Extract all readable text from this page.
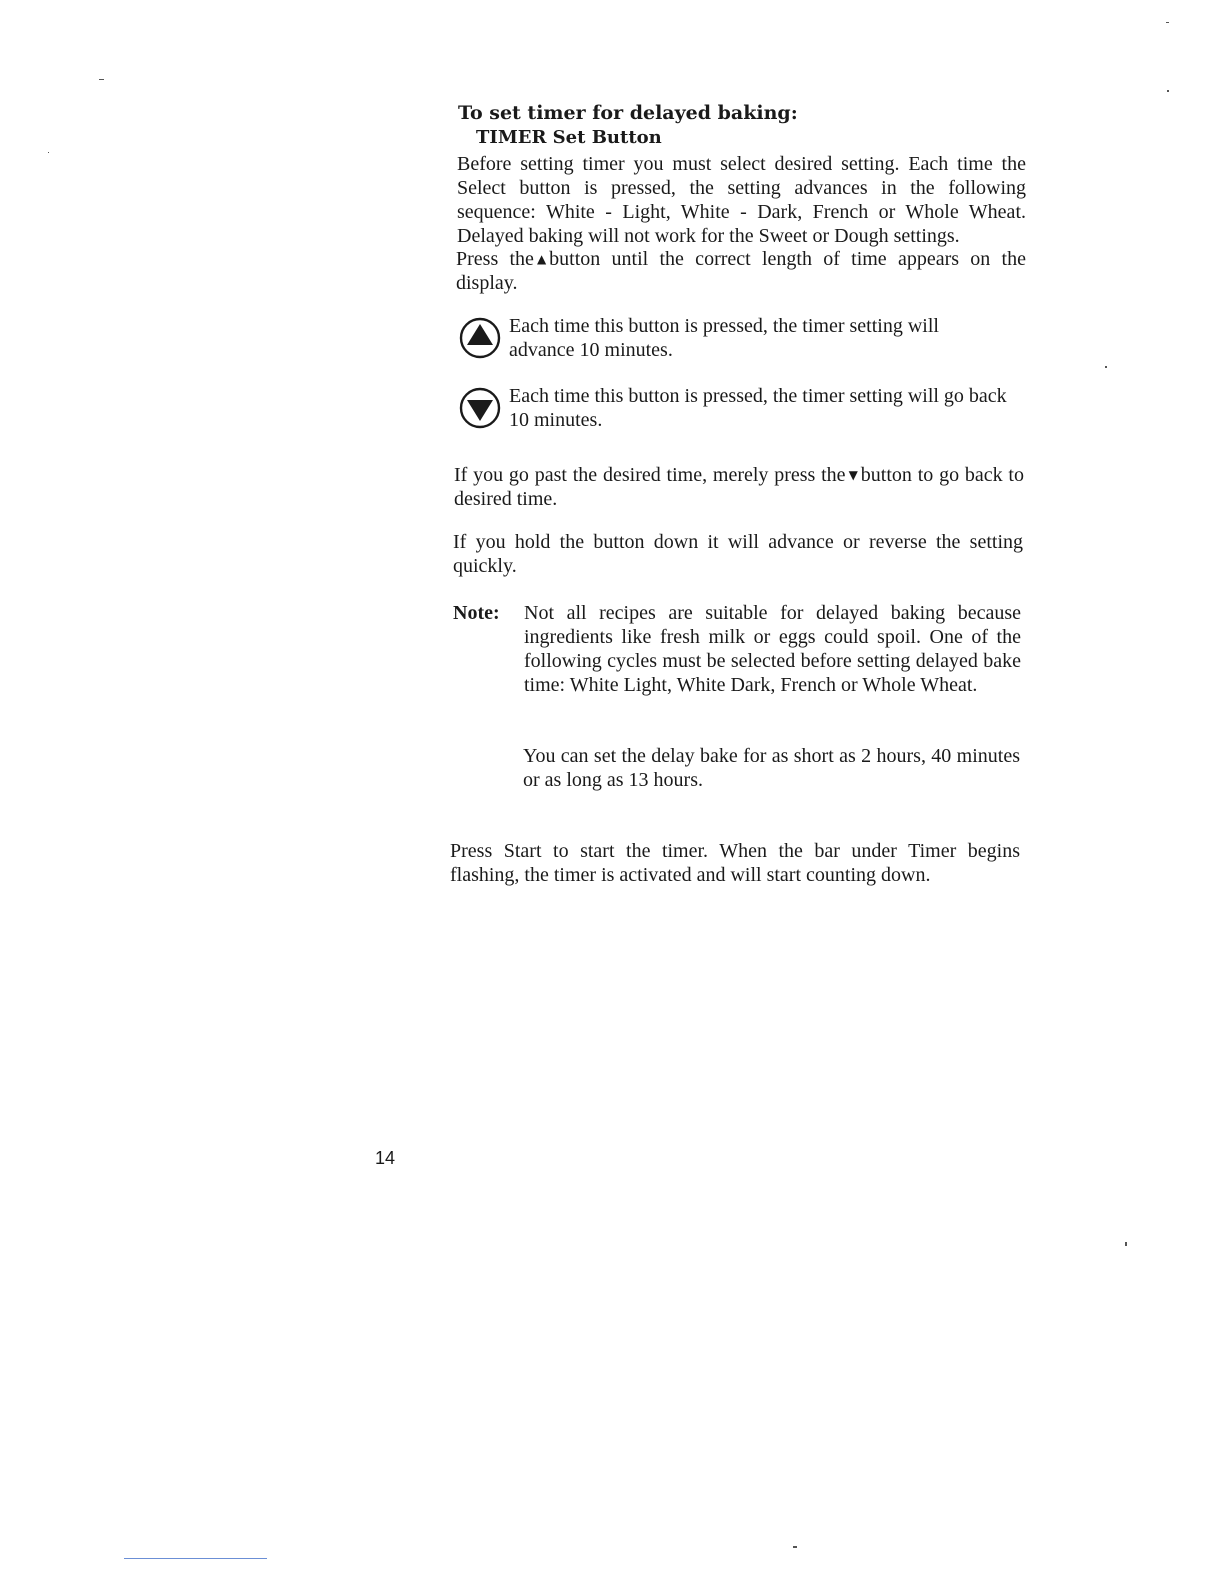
To set timer for delayed baking:
TIMER Set Button

Before setting timer you must select desired setting. Each time the Select button is pressed, the setting advances in the following sequence: White - Light, White - Dark, French or Whole Wheat. Delayed baking will not work for the Sweet or Dough settings.

Press the ▲ button until the correct length of time appears on the display.

Each time this button is pressed, the timer setting will advance 10 minutes.

Each time this button is pressed, the timer setting will go back 10 minutes.

If you go past the desired time, merely press the ▼ button to go back to desired time.

If you hold the button down it will advance or reverse the setting quickly.

Note: Not all recipes are suitable for delayed baking because ingredients like fresh milk or eggs could spoil. One of the following cycles must be selected before setting delayed bake time: White Light, White Dark, French or Whole Wheat.

You can set the delay bake for as short as 2 hours, 40 minutes or as long as 13 hours.

Press Start to start the timer. When the bar under Timer begins flashing, the timer is activated and will start counting down.

14
